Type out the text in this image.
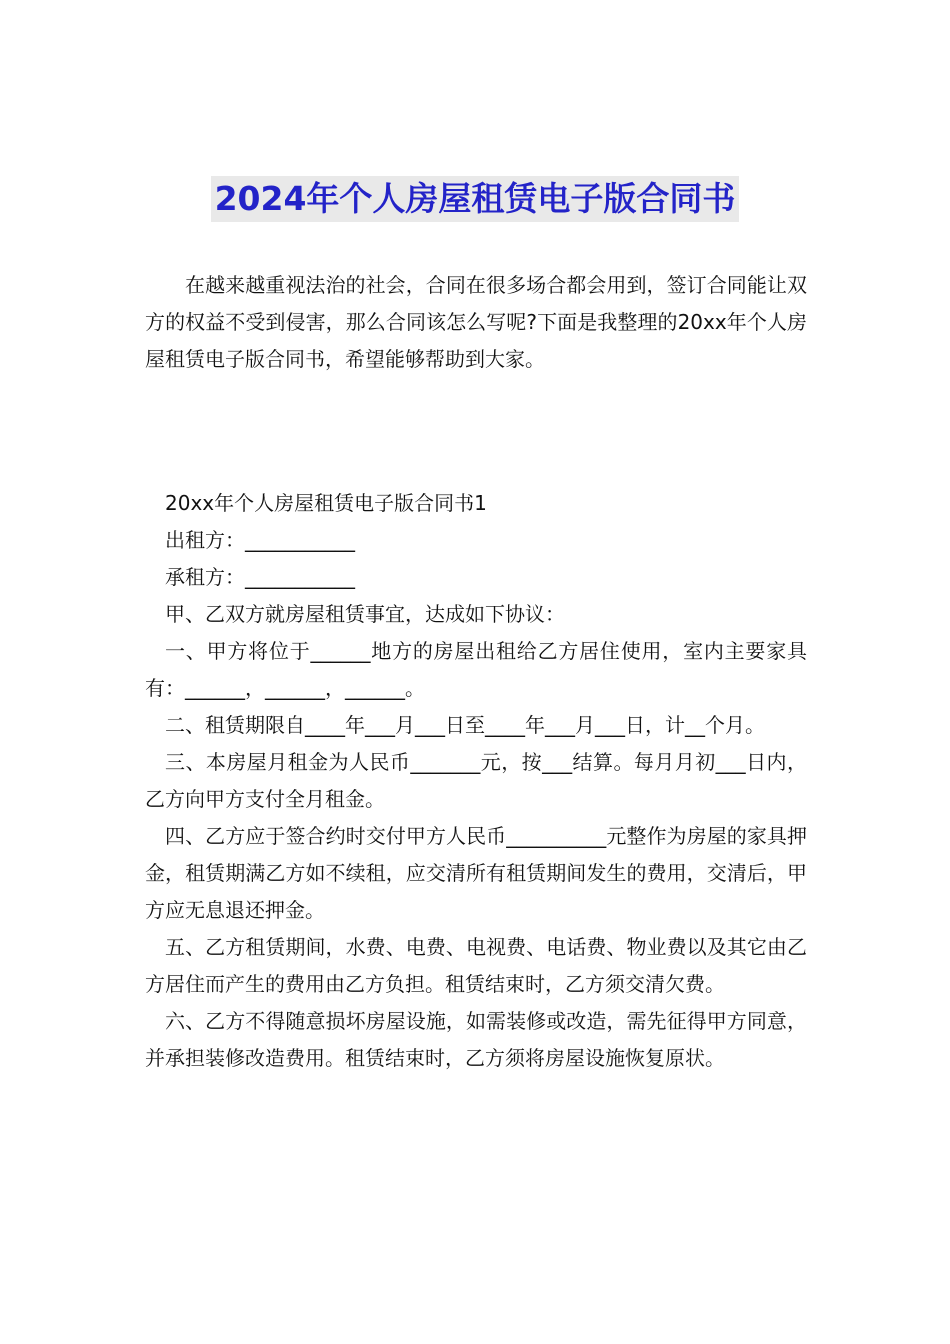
2024年个人房屋租赁电子版合同书

在越来越重视法治的社会，合同在很多场合都会用到，签订合同能让双方的权益不受到侵害，那么合同该怎么写呢?下面是我整理的20xx年个人房屋租赁电子版合同书，希望能够帮助到大家。

20xx年个人房屋租赁电子版合同书1

出租方：___________

承租方：___________

甲、乙双方就房屋租赁事宜，达成如下协议：

一、甲方将位于______地方的房屋出租给乙方居住使用，室内主要家具有：______，______，______。

二、租赁期限自____年___月___日至____年___月___日，计__个月。

三、本房屋月租金为人民币_______元，按___结算。每月月初___日内，乙方向甲方支付全月租金。

四、乙方应于签合约时交付甲方人民币__________元整作为房屋的家具押金，租赁期满乙方如不续租，应交清所有租赁期间发生的费用，交清后，甲方应无息退还押金。

五、乙方租赁期间，水费、电费、电视费、电话费、物业费以及其它由乙方居住而产生的费用由乙方负担。租赁结束时，乙方须交清欠费。

六、乙方不得随意损坏房屋设施，如需装修或改造，需先征得甲方同意，并承担装修改造费用。租赁结束时，乙方须将房屋设施恢复原状。
